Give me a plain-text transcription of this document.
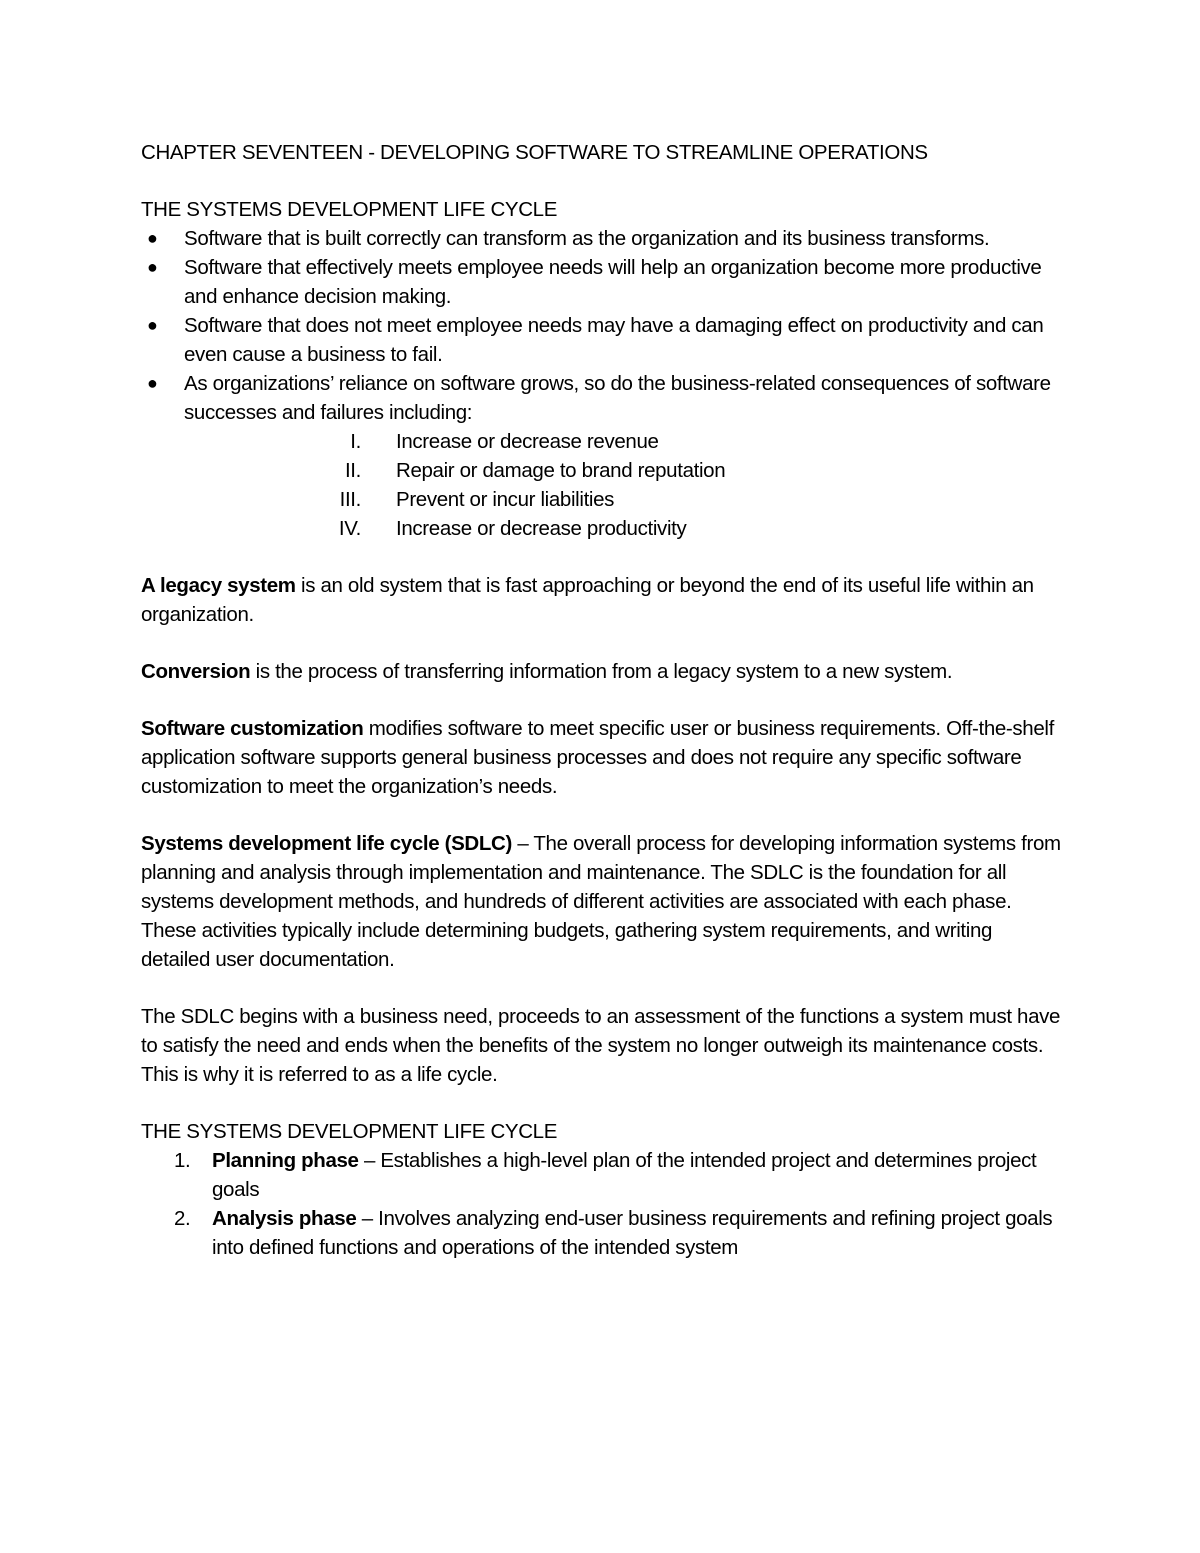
CHAPTER SEVENTEEN - DEVELOPING SOFTWARE TO STREAMLINE OPERATIONS

THE SYSTEMS DEVELOPMENT LIFE CYCLE

● Software that is built correctly can transform as the organization and its business transforms.
● Software that effectively meets employee needs will help an organization become more productive and enhance decision making.
● Software that does not meet employee needs may have a damaging effect on productivity and can even cause a business to fail.
● As organizations’ reliance on software grows, so do the business-related consequences of software successes and failures including:
I. Increase or decrease revenue
II. Repair or damage to brand reputation
III. Prevent or incur liabilities
IV. Increase or decrease productivity

A legacy system is an old system that is fast approaching or beyond the end of its useful life within an organization.

Conversion is the process of transferring information from a legacy system to a new system.

Software customization modifies software to meet specific user or business requirements. Off-the-shelf application software supports general business processes and does not require any specific software customization to meet the organization’s needs.

Systems development life cycle (SDLC) – The overall process for developing information systems from planning and analysis through implementation and maintenance. The SDLC is the foundation for all systems development methods, and hundreds of different activities are associated with each phase. These activities typically include determining budgets, gathering system requirements, and writing detailed user documentation.

The SDLC begins with a business need, proceeds to an assessment of the functions a system must have to satisfy the need and ends when the benefits of the system no longer outweigh its maintenance costs. This is why it is referred to as a life cycle.

THE SYSTEMS DEVELOPMENT LIFE CYCLE

1. Planning phase – Establishes a high-level plan of the intended project and determines project goals
2. Analysis phase – Involves analyzing end-user business requirements and refining project goals into defined functions and operations of the intended system
